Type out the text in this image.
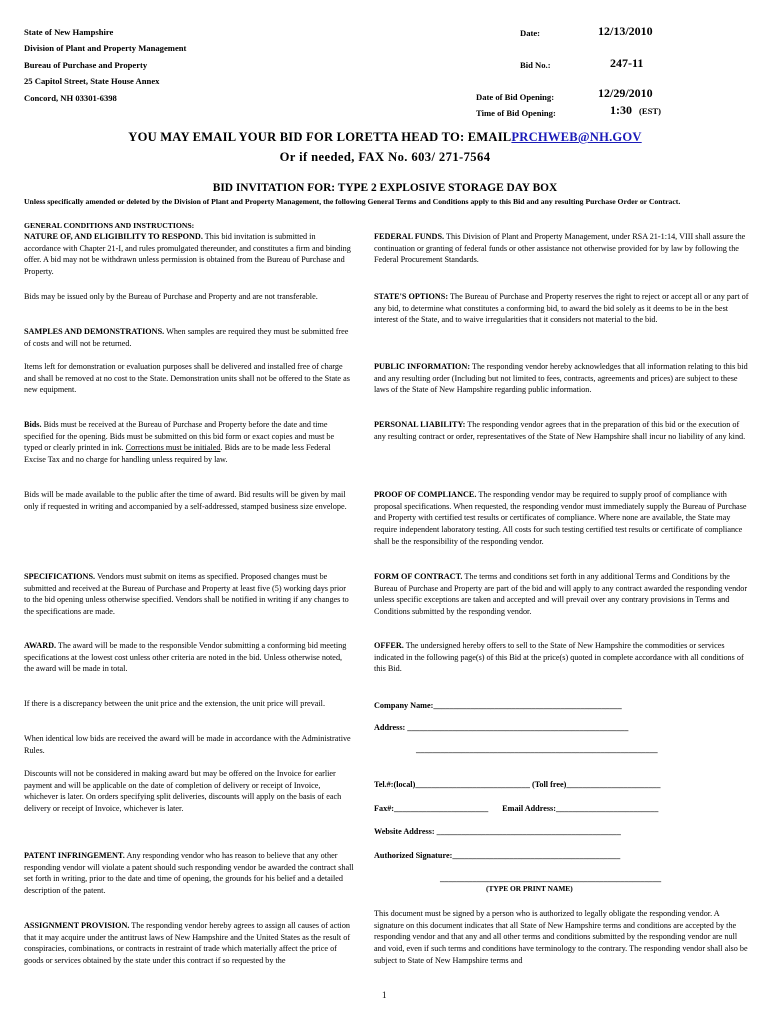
State of New Hampshire
Division of Plant and Property Management
Bureau of Purchase and Property
25 Capitol Street, State House Annex
Concord, NH 03301-6398
Date:	12/13/2010
Bid No.:	247-11
Date of Bid Opening:	12/29/2010
Time of Bid Opening:	1:30 (EST)
YOU MAY EMAIL YOUR BID FOR LORETTA HEAD TO: EMAILPRCHWEB@NH.GOV
Or if needed, FAX No. 603/ 271-7564
BID INVITATION FOR: TYPE 2 EXPLOSIVE STORAGE DAY BOX
Unless specifically amended or deleted by the Division of Plant and Property Management, the following General Terms and Conditions apply to this Bid and any resulting Purchase Order or Contract.
GENERAL CONDITIONS AND INSTRUCTIONS:

NATURE OF, AND ELIGIBILITY TO RESPOND. This bid invitation is submitted in accordance with Chapter 21-I, and rules promulgated thereunder, and constitutes a firm and binding offer. A bid may not be withdrawn unless permission is obtained from the Bureau of Purchase and Property.

Bids may be issued only by the Bureau of Purchase and Property and are not transferable.

SAMPLES AND DEMONSTRATIONS. When samples are required they must be submitted free of costs and will not be returned.

Items left for demonstration or evaluation purposes shall be delivered and installed free of charge and shall be removed at no cost to the State. Demonstration units shall not be offered to the State as new equipment.

Bids. Bids must be received at the Bureau of Purchase and Property before the date and time specified for the opening. Bids must be submitted on this bid form or exact copies and must be typed or clearly printed in ink. Corrections must be initialed. Bids are to be made less Federal Excise Tax and no charge for handling unless required by law.

Bids will be made available to the public after the time of award. Bid results will be given by mail only if requested in writing and accompanied by a self-addressed, stamped business size envelope.

SPECIFICATIONS. Vendors must submit on items as specified. Proposed changes must be submitted and received at the Bureau of Purchase and Property at least five (5) working days prior to the bid opening unless otherwise specified. Vendors shall be notified in writing if any changes to the specifications are made.

AWARD. The award will be made to the responsible Vendor submitting a conforming bid meeting specifications at the lowest cost unless other criteria are noted in the bid. Unless otherwise noted, the award will be made in total.

If there is a discrepancy between the unit price and the extension, the unit price will prevail.
When identical low bids are received the award will be made in accordance with the Administrative Rules.
Discounts will not be considered in making award but may be offered on the Invoice for earlier payment and will be applicable on the date of completion of delivery or receipt of Invoice, whichever is later. On orders specifying split deliveries, discounts will apply on the basis of each delivery or receipt of Invoice, whichever is later.

PATENT INFRINGEMENT. Any responding vendor who has reason to believe that any other responding vendor will violate a patent should such responding vendor be awarded the contract shall set forth in writing, prior to the date and time of opening, the grounds for his belief and a detailed description of the patent.

ASSIGNMENT PROVISION. The responding vendor hereby agrees to assign all causes of action that it may acquire under the antitrust laws of New Hampshire and the United States as the result of conspiracies, combinations, or contracts in restraint of trade which materially affect the price of goods or services obtained by the state under this contract if so requested by the

FEDERAL FUNDS. This Division of Plant and Property Management, under RSA 21-1:14, VIII shall assure the continuation or granting of federal funds or other assistance not otherwise provided for by law by following the Federal Procurement Standards.

STATE'S OPTIONS: The Bureau of Purchase and Property reserves the right to reject or accept all or any part of any bid, to determine what constitutes a conforming bid, to award the bid solely as it deems to be in the best interest of the State, and to waive irregularities that it considers not material to the bid.

PUBLIC INFORMATION: The responding vendor hereby acknowledges that all information relating to this bid and any resulting order (Including but not limited to fees, contracts, agreements and prices) are subject to these laws of the State of New Hampshire regarding public information.

PERSONAL LIABILITY: The responding vendor agrees that in the preparation of this bid or the execution of any resulting contract or order, representatives of the State of New Hampshire shall incur no liability of any kind.

PROOF OF COMPLIANCE. The responding vendor may be required to supply proof of compliance with proposal specifications. When requested, the responding vendor must immediately supply the Bureau of Purchase and Property with certified test results or certificates of compliance. Where none are available, the State may require independent laboratory testing. All costs for such testing certified test results or certificate of compliance shall be the responsibility of the responding vendor.

FORM OF CONTRACT. The terms and conditions set forth in any additional Terms and Conditions by the Bureau of Purchase and Property are part of the bid and will apply to any contract awarded the responding vendor unless specific exceptions are taken and accepted and will prevail over any contrary provisions in Terms and Conditions submitted by the responding vendor.

OFFER. The undersigned hereby offers to sell to the State of New Hampshire the commodities or services indicated in the following page(s) of this Bid at the price(s) quoted in complete accordance with all conditions of this Bid.

Company Name:______________________________________________
Address: ______________________________________________________
___________________________________________________________
Tel.#:(local)____________________________ (Toll free)_______________________
Fax#:_______________________ Email Address:_________________________
Website Address: _____________________________________________
Authorized Signature:_________________________________________
______________________________________________________
(TYPE OR PRINT NAME)
This document must be signed by a person who is authorized to legally obligate the responding vendor. A signature on this document indicates that all State of New Hampshire terms and conditions are accepted by the responding vendor and that any and all other terms and conditions submitted by the responding vendor are null and void, even if such terms and conditions have terminology to the contrary. The responding vendor shall also be subject to State of New Hampshire terms and
1
